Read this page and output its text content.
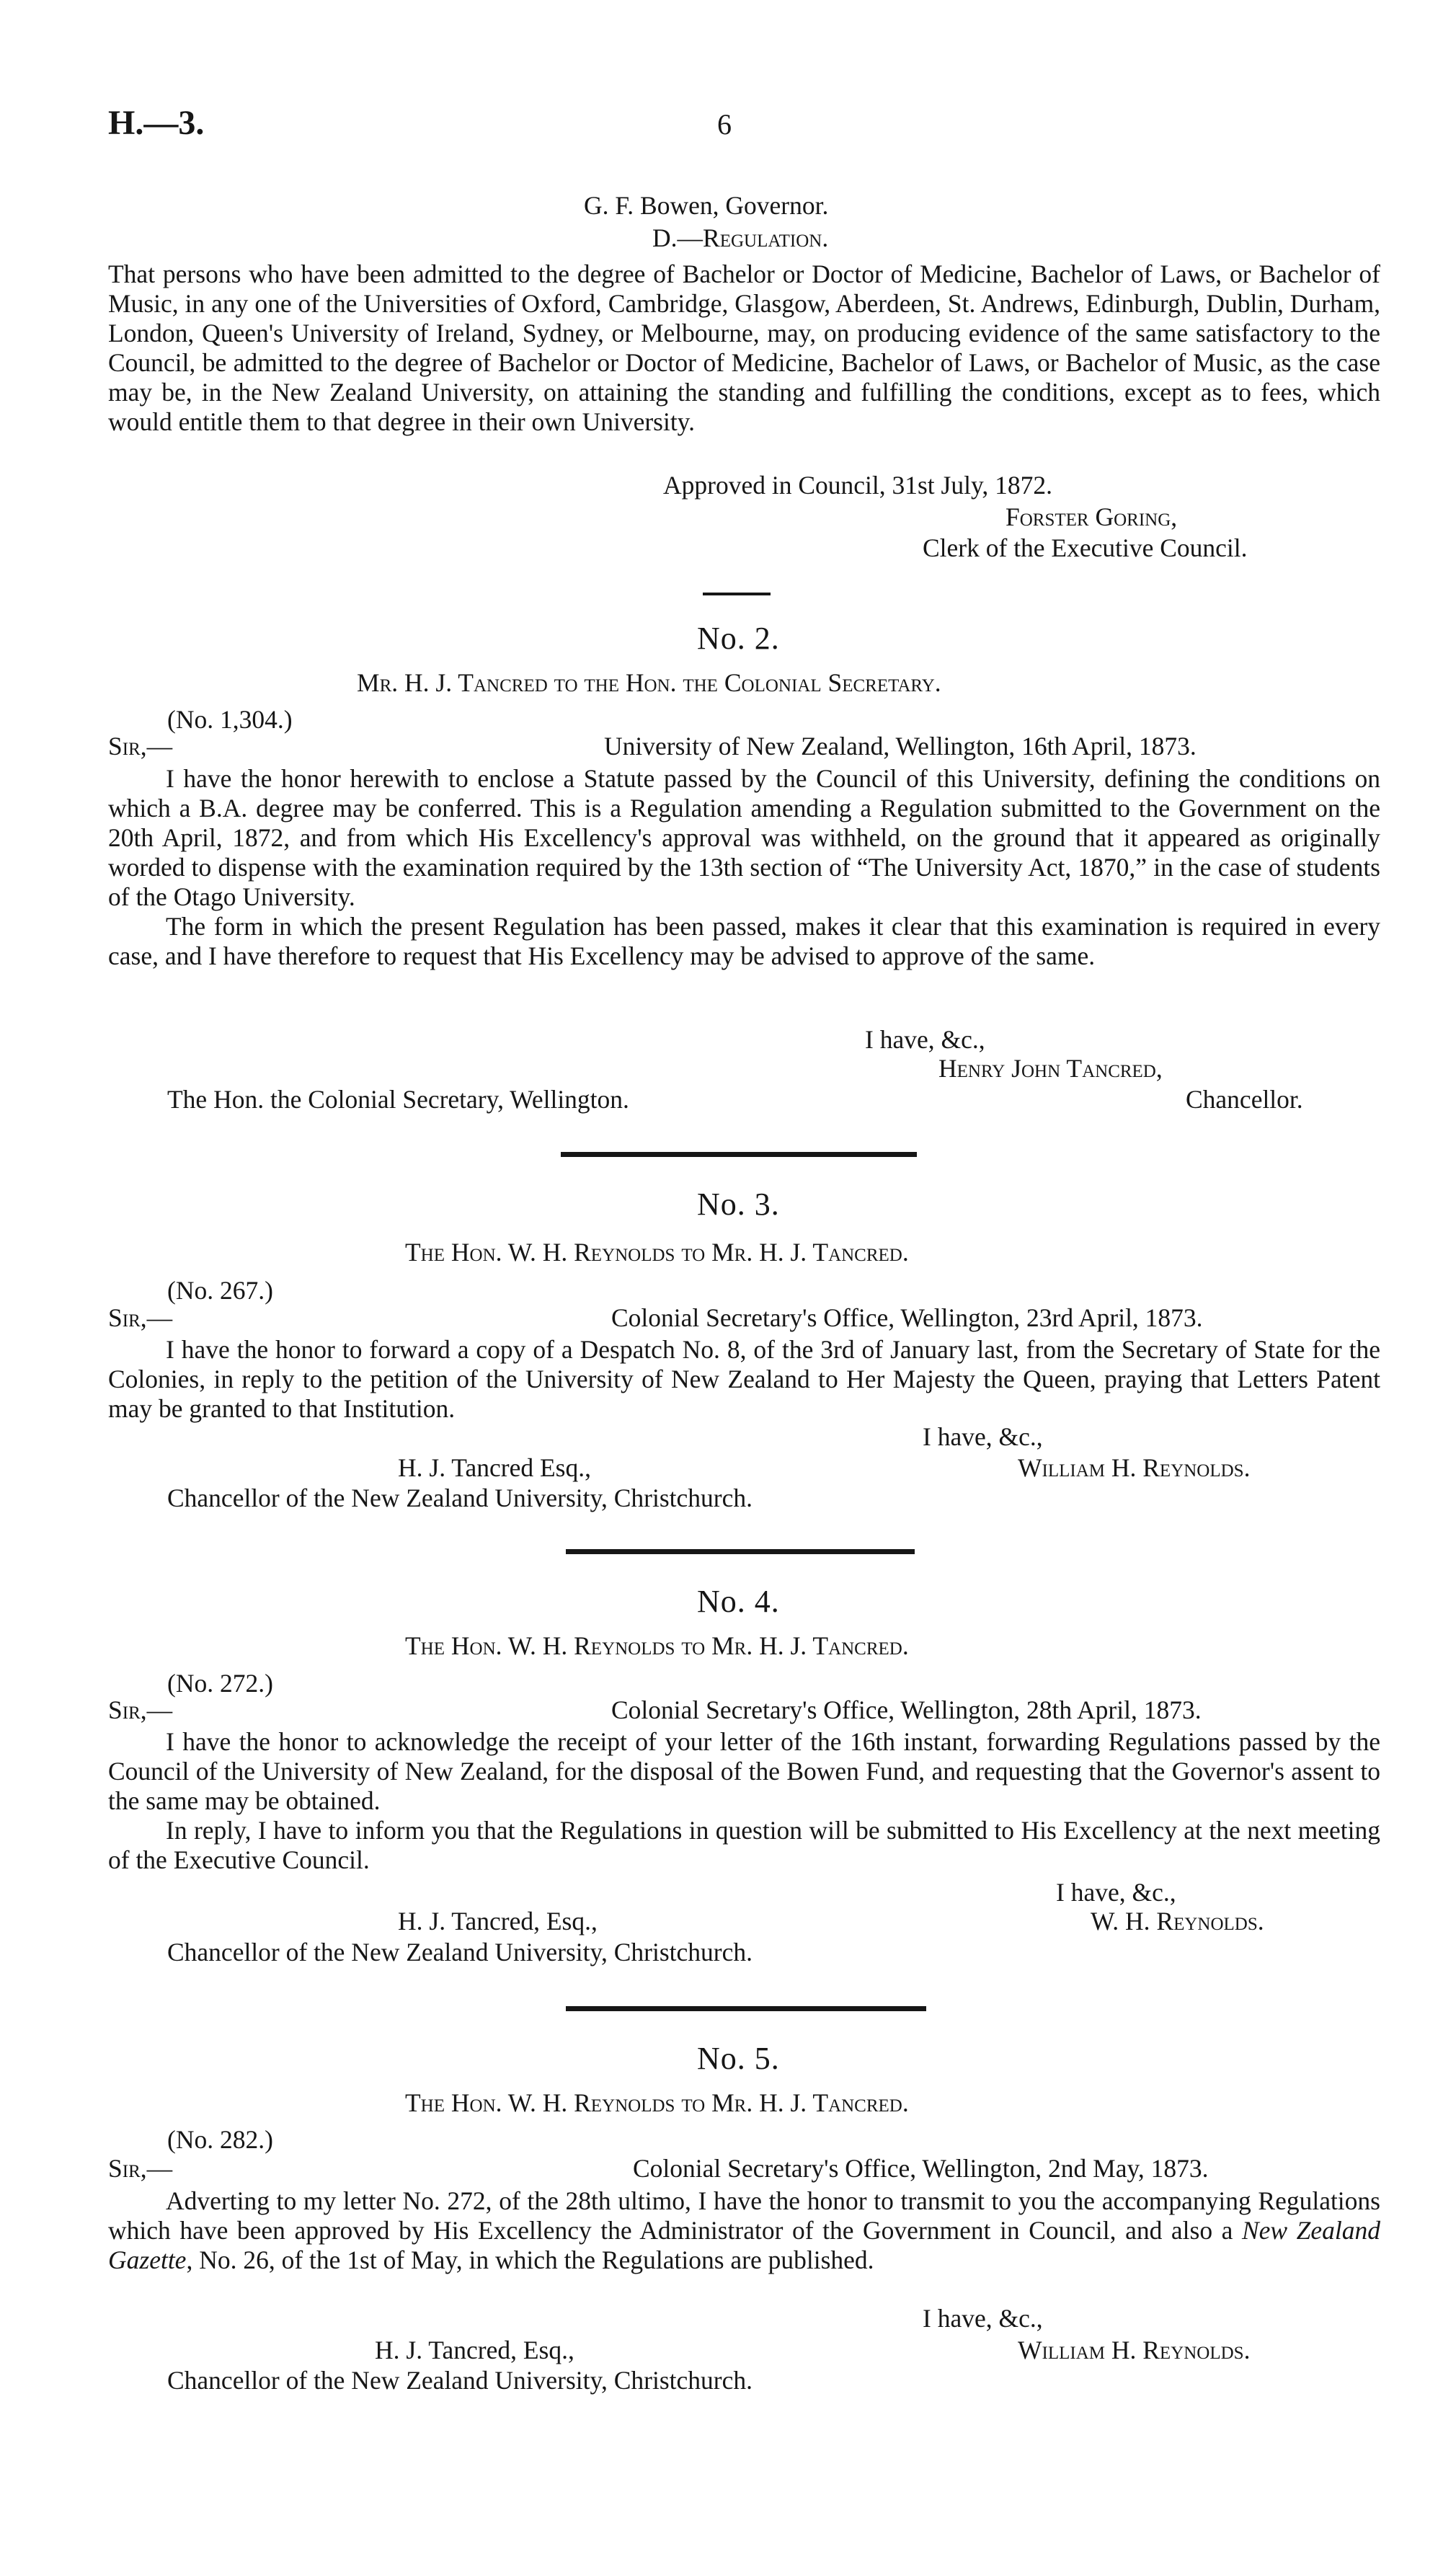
H.—3.	6
G. F. Bowen, Governor.
D.—Regulation.

That persons who have been admitted to the degree of Bachelor or Doctor of Medicine, Bachelor of Laws, or Bachelor of Music, in any one of the Universities of Oxford, Cambridge, Glasgow, Aberdeen, St. Andrews, Edinburgh, Dublin, Durham, London, Queen's University of Ireland, Sydney, or Melbourne, may, on producing evidence of the same satisfactory to the Council, be admitted to the degree of Bachelor or Doctor of Medicine, Bachelor of Laws, or Bachelor of Music, as the case may be, in the New Zealand University, on attaining the standing and fulfilling the conditions, except as to fees, which would entitle them to that degree in their own University.

Approved in Council, 31st July, 1872.
Forster Goring,
Clerk of the Executive Council.
No. 2.
Mr. H. J. Tancred to the Hon. the Colonial Secretary.
(No. 1,304.)
Sir,—	University of New Zealand, Wellington, 16th April, 1873.

I have the honor herewith to enclose a Statute passed by the Council of this University, defining the conditions on which a B.A. degree may be conferred. This is a Regulation amending a Regulation submitted to the Government on the 20th April, 1872, and from which His Excellency's approval was withheld, on the ground that it appeared as originally worded to dispense with the examination required by the 13th section of “The University Act, 1870,” in the case of students of the Otago University.

The form in which the present Regulation has been passed, makes it clear that this examination is required in every case, and I have therefore to request that His Excellency may be advised to approve of the same.

I have, &c.,
Henry John Tancred,
The Hon. the Colonial Secretary, Wellington.	Chancellor.
No. 3.
The Hon. W. H. Reynolds to Mr. H. J. Tancred.
(No. 267.)
Sir,—	Colonial Secretary's Office, Wellington, 23rd April, 1873.

I have the honor to forward a copy of a Despatch No. 8, of the 3rd of January last, from the Secretary of State for the Colonies, in reply to the petition of the University of New Zealand to Her Majesty the Queen, praying that Letters Patent may be granted to that Institution.

I have, &c.,
H. J. Tancred Esq.,	William H. Reynolds.
Chancellor of the New Zealand University, Christchurch.
No. 4.
The Hon. W. H. Reynolds to Mr. H. J. Tancred.
(No. 272.)
Sir,—	Colonial Secretary's Office, Wellington, 28th April, 1873.

I have the honor to acknowledge the receipt of your letter of the 16th instant, forwarding Regulations passed by the Council of the University of New Zealand, for the disposal of the Bowen Fund, and requesting that the Governor's assent to the same may be obtained.

In reply, I have to inform you that the Regulations in question will be submitted to His Excellency at the next meeting of the Executive Council.

I have, &c.,
H. J. Tancred, Esq.,	W. H. Reynolds.
Chancellor of the New Zealand University, Christchurch.
No. 5.
The Hon. W. H. Reynolds to Mr. H. J. Tancred.
(No. 282.)
Sir,—	Colonial Secretary's Office, Wellington, 2nd May, 1873.

Adverting to my letter No. 272, of the 28th ultimo, I have the honor to transmit to you the accompanying Regulations which have been approved by His Excellency the Administrator of the Government in Council, and also a New Zealand Gazette, No. 26, of the 1st of May, in which the Regulations are published.

I have, &c.,
H. J. Tancred, Esq.,	William H. Reynolds.
Chancellor of the New Zealand University, Christchurch.
